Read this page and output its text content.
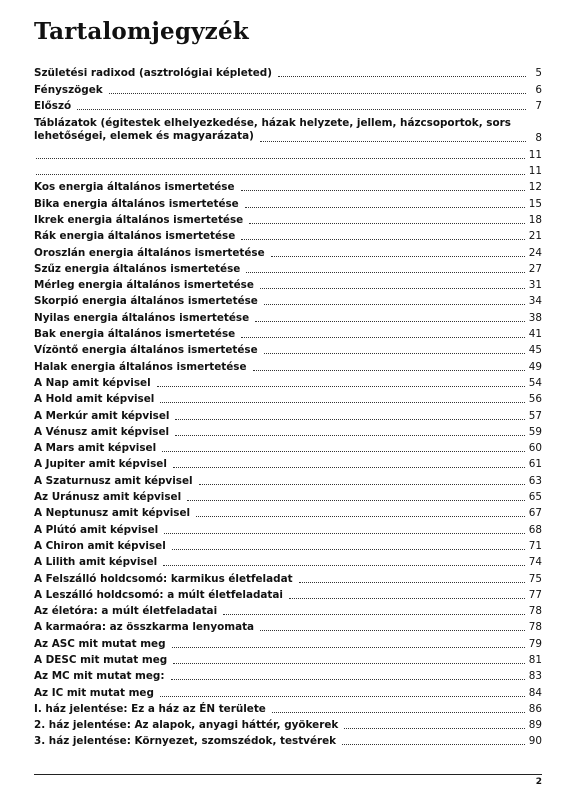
Tartalomjegyzék
Születési radixod (asztrológiai képleted)	5
Fényszögek	6
Előszó	7
Táblázatok (égitestek elhelyezkedése, házak helyzete, jellem, házcsoportok, sors
lehetőségei, elemek és magyarázata)	8
11
11
Kos energia általános ismertetése	12
Bika energia általános ismertetése	15
Ikrek energia általános ismertetése	18
Rák energia általános ismertetése	21
Oroszlán energia általános ismertetése	24
Szűz energia általános ismertetése	27
Mérleg energia általános ismertetése	31
Skorpió energia általános ismertetése	34
Nyilas energia általános ismertetése	38
Bak energia általános ismertetése	41
Vízöntő energia általános ismertetése	45
Halak energia általános ismertetése	49
A Nap amit képvisel	54
A Hold amit képvisel	56
A Merkúr amit képvisel	57
A Vénusz amit képvisel	59
A Mars amit képvisel	60
A Jupiter amit képvisel	61
A Szaturnusz amit képvisel	63
Az Uránusz amit képvisel	65
A Neptunusz amit képvisel	67
A Plútó amit képvisel	68
A Chiron amit képvisel	71
A Lilith amit képvisel	74
A Felszálló holdcsomó: karmikus életfeladat	75
A Leszálló holdcsomó: a múlt életfeladatai	77
Az életóra: a múlt életfeladatai	78
A karmaóra: az összkarma lenyomata	78
Az ASC mit mutat meg	79
A DESC mit mutat meg	81
Az MC mit mutat meg:	83
Az IC mit mutat meg	84
I. ház jelentése: Ez a ház az ÉN területe	86
2. ház jelentése: Az alapok, anyagi háttér, gyökerek	89
3. ház jelentése: Környezet, szomszédok, testvérek	90
2
